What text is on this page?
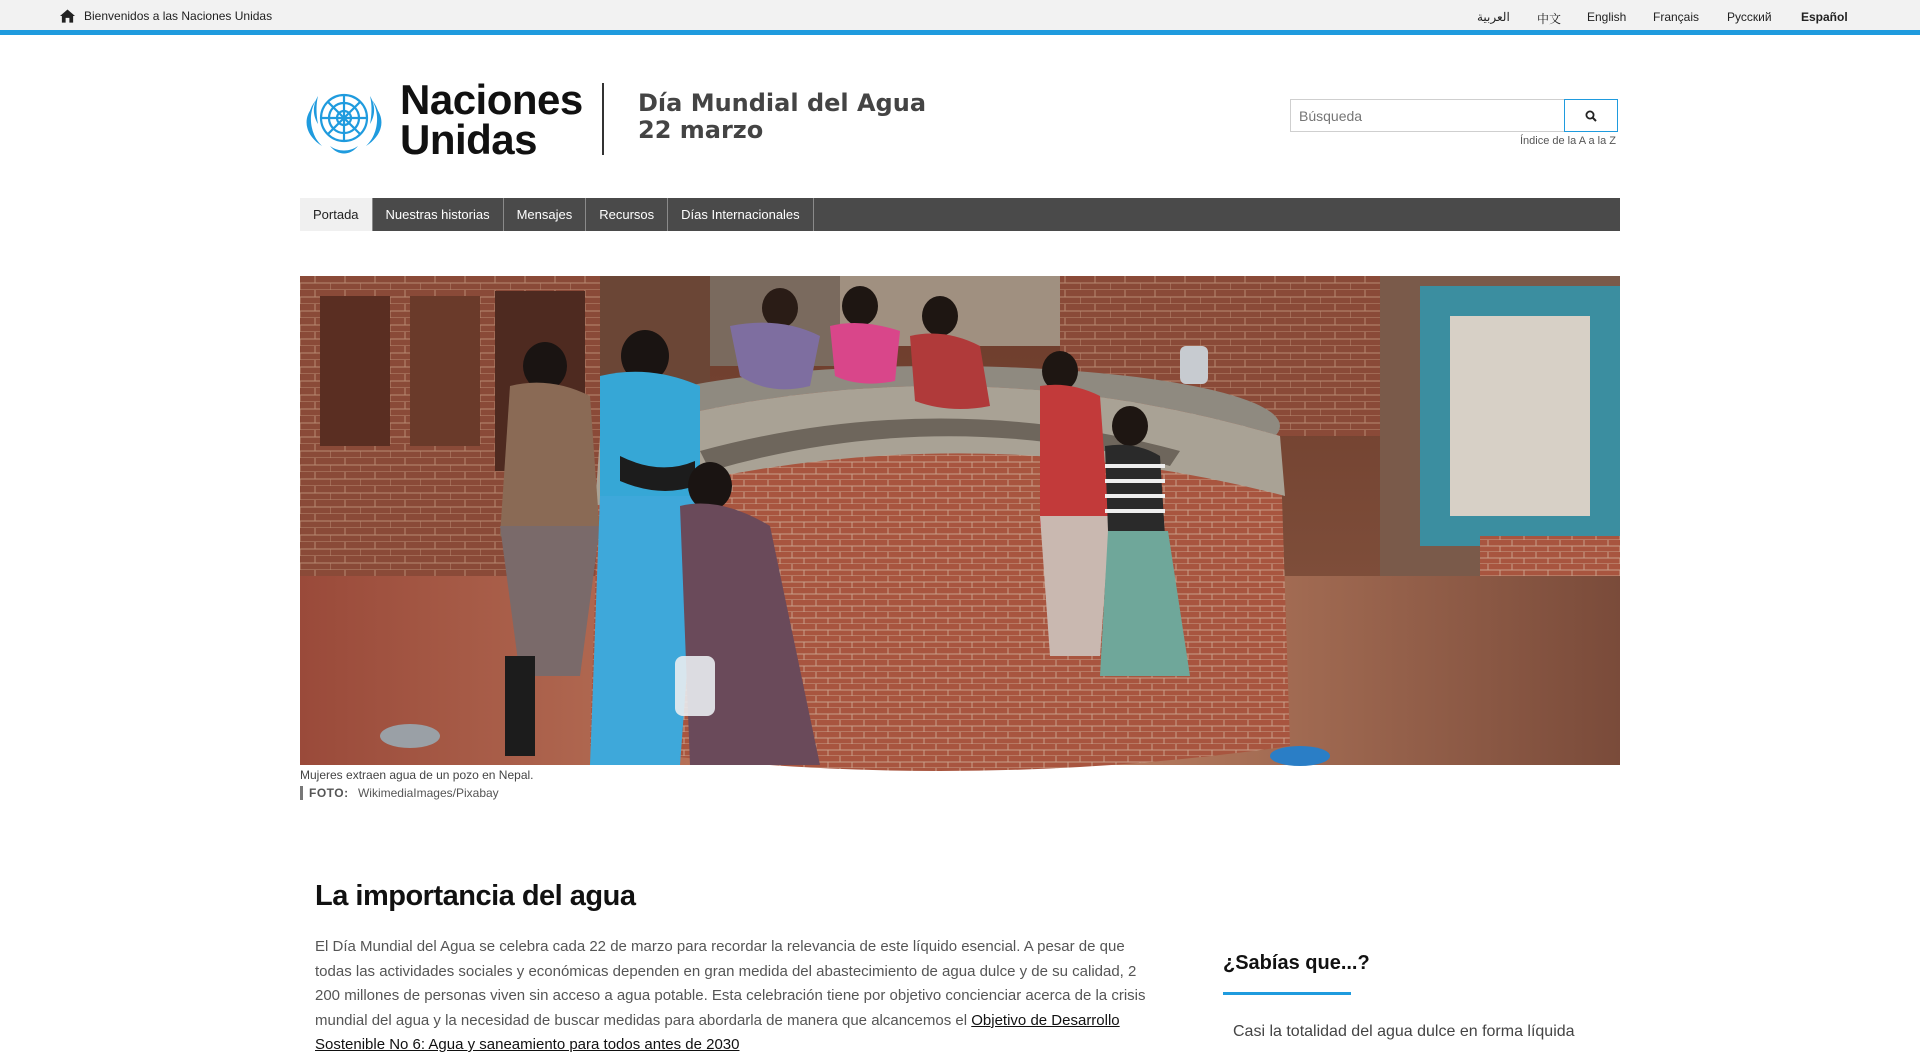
Bienvenidos a las Naciones Unidas	العربية 中文 English Français Русский Español
Naciones
Unidas
Día Mundial del Agua
22 marzo
Búsqueda	Índice de la A a la Z
Portada	Nuestras historias	Mensajes	Recursos	Días Internacionales
Mujeres extraen agua de un pozo en Nepal.
FOTO: WikimediaImages/Pixabay
La importancia del agua

El Día Mundial del Agua se celebra cada 22 de marzo para recordar la relevancia de este líquido esencial. A pesar de que todas las actividades sociales y económicas dependen en gran medida del abastecimiento de agua dulce y de su calidad, 2 200 millones de personas viven sin acceso a agua potable. Esta celebración tiene por objetivo concienciar acerca de la crisis mundial del agua y la necesidad de buscar medidas para abordarla de manera que alcancemos el Objetivo de Desarrollo Sostenible No 6: Agua y saneamiento para todos antes de 2030

¿Sabías que...?

Casi la totalidad del agua dulce en forma líquida
